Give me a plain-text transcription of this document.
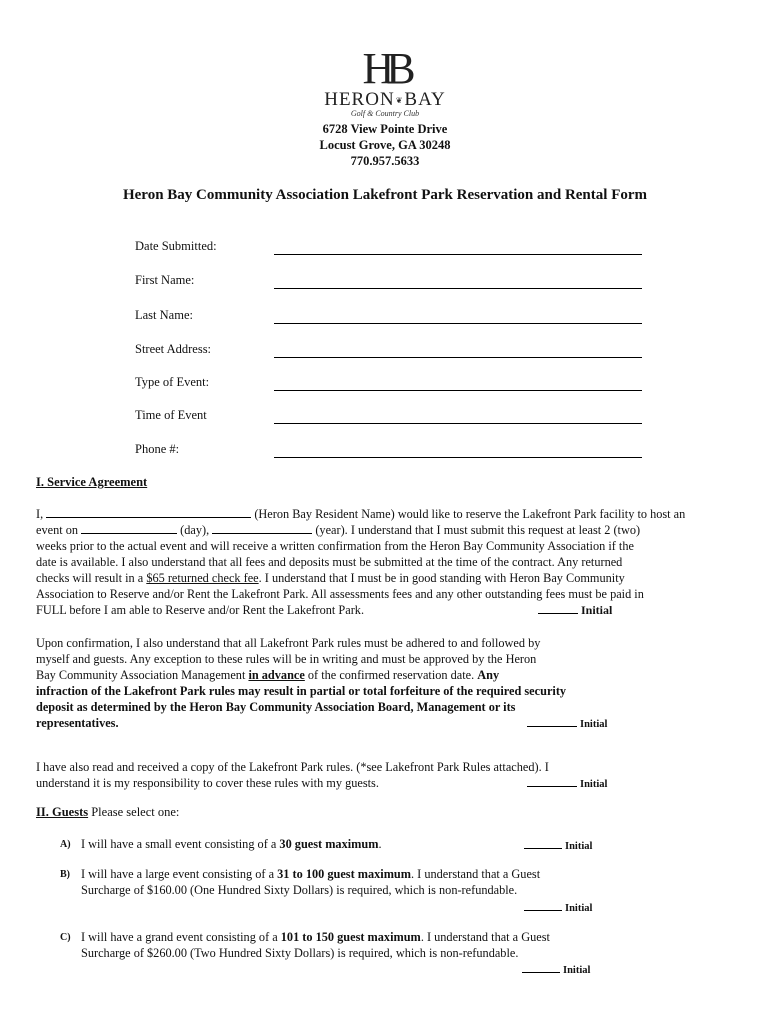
HB
HERON❦BAY
Golf & Country Club
6728 View Pointe Drive
Locust Grove, GA 30248
770.957.5633
Heron Bay Community Association Lakefront Park Reservation and Rental Form
Date Submitted:
First Name:
Last Name:
Street Address:
Type of Event:
Time of Event
Phone #:
I. Service Agreement
I,	(Heron Bay Resident Name) would like to reserve the Lakefront Park facility to host an
event on	(day),	(year). I understand that I must submit this request at least 2 (two)
weeks prior to the actual event and will receive a written confirmation from the Heron Bay Community Association if the
date is available. I also understand that all fees and deposits must be submitted at the time of the contract. Any returned
checks will result in a $65 returned check fee. I understand that I must be in good standing with Heron Bay Community
Association to Reserve and/or Rent the Lakefront Park. All assessments fees and any other outstanding fees must be paid in
FULL before I am able to Reserve and/or Rent the Lakefront Park.	Initial
Upon confirmation, I also understand that all Lakefront Park rules must be adhered to and followed by
myself and guests. Any exception to these rules will be in writing and must be approved by the Heron
Bay Community Association Management in advance of the confirmed reservation date. Any
infraction of the Lakefront Park rules may result in partial or total forfeiture of the required security
deposit as determined by the Heron Bay Community Association Board, Management or its
representatives.	Initial
I have also read and received a copy of the Lakefront Park rules. (*see Lakefront Park Rules attached). I
understand it is my responsibility to cover these rules with my guests.	Initial
II. Guests Please select one:
A) I will have a small event consisting of a 30 guest maximum.	Initial
B) I will have a large event consisting of a 31 to 100 guest maximum. I understand that a Guest
Surcharge of $160.00 (One Hundred Sixty Dollars) is required, which is non-refundable.
Initial
C) I will have a grand event consisting of a 101 to 150 guest maximum. I understand that a Guest
Surcharge of $260.00 (Two Hundred Sixty Dollars) is required, which is non-refundable.
Initial
